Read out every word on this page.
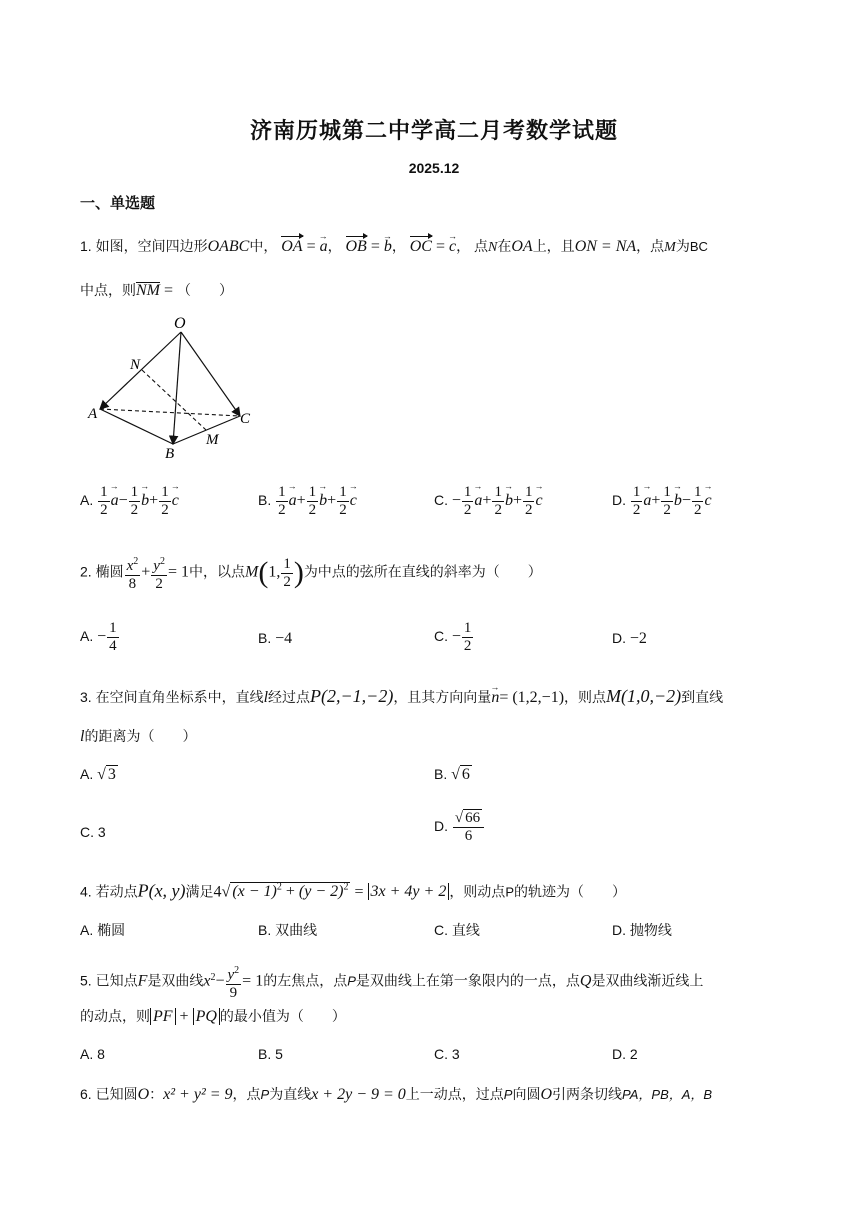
济南历城第二中学高二月考数学试题
2025.12
一、单选题
1. 如图，空间四边形OABC中， OA = a →， OB = b →， OC = c →， 点N在OA上，且ON = NA，点M为BC
中点，则NM = （　　）
O
N
A	C
M
B
A. $\frac{1}{2}$ $a \to- \frac{1}{2}$ $b \to+ \frac{1}{2}$ c →	B. $\frac{1}{2}$ $a \to+ \frac{1}{2}$ $b \to+ \frac{1}{2}$ c →	C. − $\frac{1}{2}$ $a \to+ \frac{1}{2}$ $b \to+ \frac{1}{2}$ c →	D. $\frac{1}{2}$ $a \to+ \frac{1}{2}$ $b \to- \frac{1}{2}$ c →
2. 椭圆 $\frac{x^2}{8} + \frac{y^2}{2} = 1$中，以点M(1, $\frac{1}{2}$ )为中点的弦所在直线的斜率为（　　）
A. − $\frac{1}{4}$	B. −4	C. − $\frac{1}{2}$	D. −2
3. 在空间直角坐标系中，直线l经过点P(2,−1,−2)，且其方向向量n →= (1,2,−1)，则点M(1,0,−2)到直线
l的距离为（　　）
A. √ 3	B. √ 6
C. 3	D. $\frac{√ 66}{6}$
4. 若动点P(x, y)满足4√ $(x - 1)^2 + (y - 2)^2 = 3x + 4y + 2$ ，则动点P的轨迹为（　　）
A. 椭圆	B. 双曲线	C. 直线	D. 抛物线
5. 已知点F是双曲线$x^2- \frac{y^2}{9} = 1$的左焦点，点P是双曲线上在第一象限内的一点，点Q是双曲线渐近线上
的动点，则 PF + PQ 的最小值为（　　）
A. 8	B. 5	C. 3	D. 2
6. 已知圆O：x² + y² = 9，点P为直线x + 2y − 9 = 0上一动点，过点P向圆O引两条切线PA，PB，A，B
